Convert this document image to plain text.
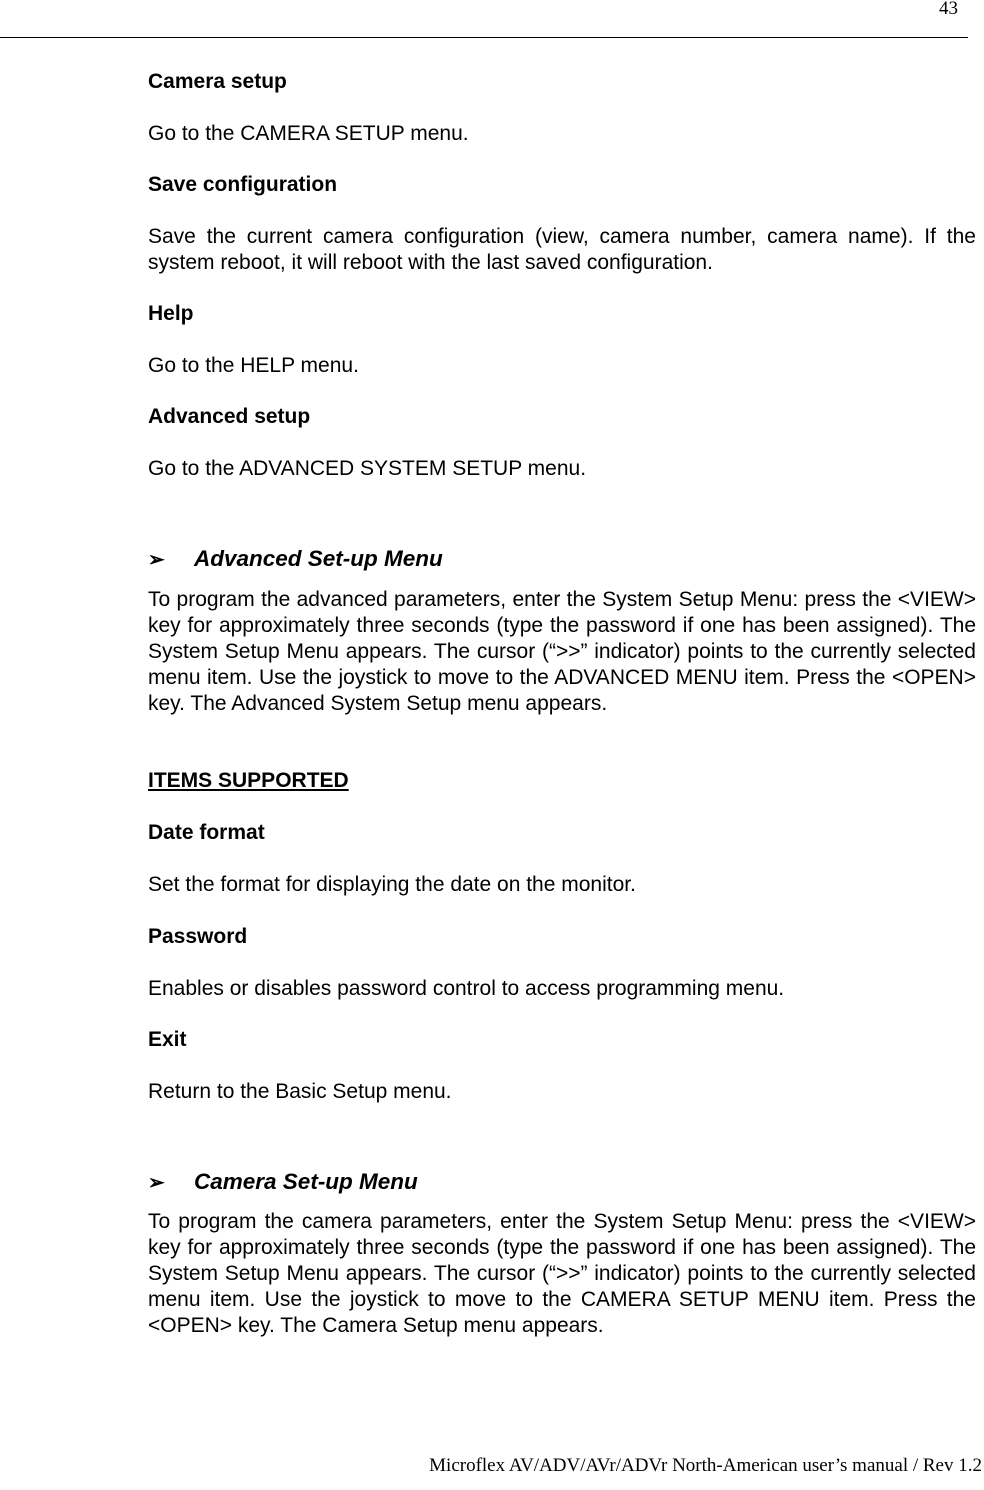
43

Camera setup

Go to the CAMERA SETUP menu.

Save configuration

Save the current camera configuration (view, camera number, camera name). If the system reboot, it will reboot with the last saved configuration.

Help

Go to the HELP menu.

Advanced setup

Go to the ADVANCED SYSTEM SETUP menu.

➢ Advanced Set-up Menu

To program the advanced parameters, enter the System Setup Menu: press the <VIEW> key for approximately three seconds (type the password if one has been assigned). The System Setup Menu appears. The cursor (“>>” indicator) points to the currently selected menu item. Use the joystick to move to the ADVANCED MENU item. Press the <OPEN> key. The Advanced System Setup menu appears.

ITEMS SUPPORTED

Date format

Set the format for displaying the date on the monitor.

Password

Enables or disables password control to access programming menu.

Exit

Return to the Basic Setup menu.

➢ Camera Set-up Menu

To program the camera parameters, enter the System Setup Menu: press the <VIEW> key for approximately three seconds (type the password if one has been assigned). The System Setup Menu appears. The cursor (“>>” indicator) points to the currently selected menu item. Use the joystick to move to the CAMERA SETUP MENU item. Press the <OPEN> key. The Camera Setup menu appears.

Microflex AV/ADV/AVr/ADVr North-American user’s manual / Rev 1.2
